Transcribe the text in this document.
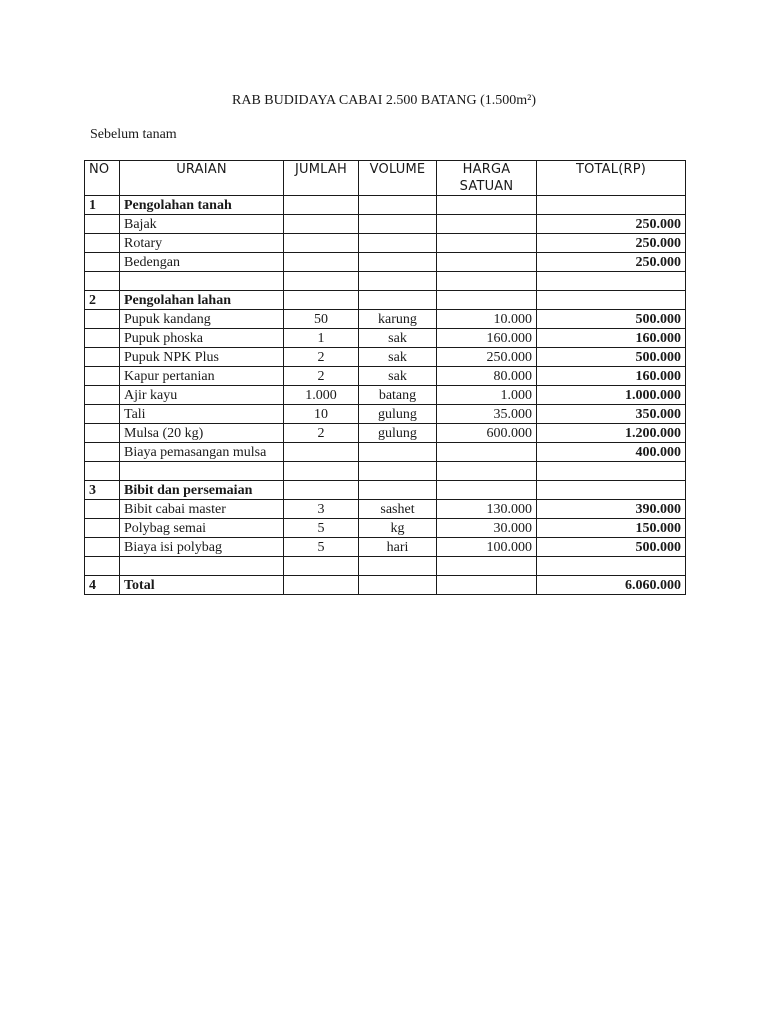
RAB BUDIDAYA CABAI 2.500 BATANG (1.500m²)
Sebelum tanam
NO	URAIAN	JUMLAH	VOLUME	HARGA SATUAN	TOTAL(RP)
1	Pengolahan tanah				
	Bajak				250.000
	Rotary				250.000
	Bedengan				250.000

2	Pengolahan lahan				
	Pupuk kandang	50	karung	10.000	500.000
	Pupuk phoska	1	sak	160.000	160.000
	Pupuk NPK Plus	2	sak	250.000	500.000
	Kapur pertanian	2	sak	80.000	160.000
	Ajir kayu	1.000	batang	1.000	1.000.000
	Tali	10	gulung	35.000	350.000
	Mulsa (20 kg)	2	gulung	600.000	1.200.000
	Biaya pemasangan mulsa				400.000

3	Bibit dan persemaian				
	Bibit cabai master	3	sashet	130.000	390.000
	Polybag semai	5	kg	30.000	150.000
	Biaya isi polybag	5	hari	100.000	500.000

4	Total				6.060.000
